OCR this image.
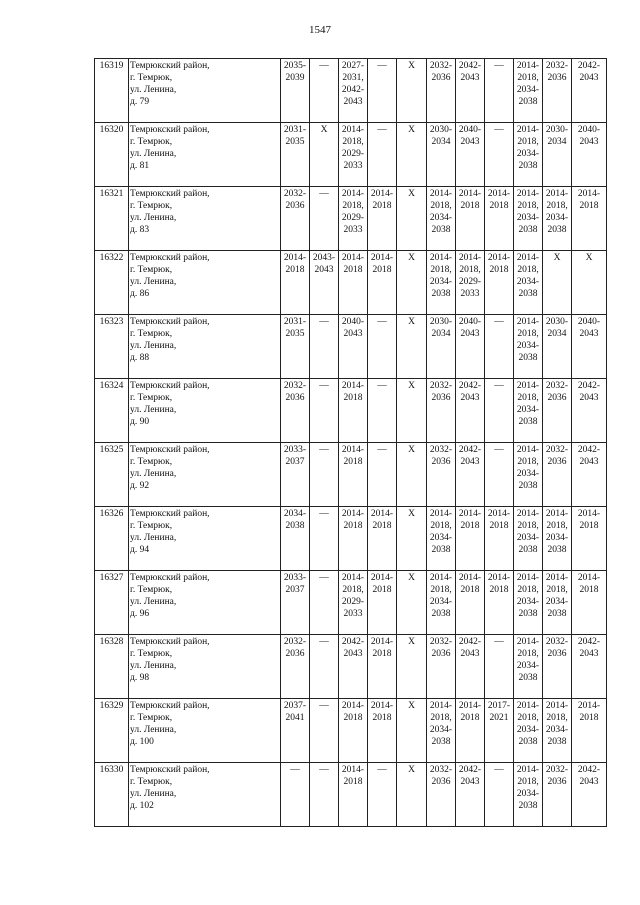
1547
16319	Темрюкский район,
г. Темрюк,
ул. Ленина,
д. 79	2035-
2039	—	2027-
2031,
2042-
2043	—	X	2032-
2036	2042-
2043	—	2014-
2018,
2034-
2038	2032-
2036	2042-
2043
16320	Темрюкский район,
г. Темрюк,
ул. Ленина,
д. 81	2031-
2035	X	2014-
2018,
2029-
2033	—	X	2030-
2034	2040-
2043	—	2014-
2018,
2034-
2038	2030-
2034	2040-
2043
16321	Темрюкский район,
г. Темрюк,
ул. Ленина,
д. 83	2032-
2036	—	2014-
2018,
2029-
2033	2014-
2018	X	2014-
2018,
2034-
2038	2014-
2018	2014-
2018	2014-
2018,
2034-
2038	2014-
2018,
2034-
2038	2014-
2018
16322	Темрюкский район,
г. Темрюк,
ул. Ленина,
д. 86	2014-
2018	2043-
2043	2014-
2018	2014-
2018	X	2014-
2018,
2034-
2038	2014-
2018,
2029-
2033	2014-
2018	2014-
2018,
2034-
2038	X	X
16323	Темрюкский район,
г. Темрюк,
ул. Ленина,
д. 88	2031-
2035	—	2040-
2043	—	X	2030-
2034	2040-
2043	—	2014-
2018,
2034-
2038	2030-
2034	2040-
2043
16324	Темрюкский район,
г. Темрюк,
ул. Ленина,
д. 90	2032-
2036	—	2014-
2018	—	X	2032-
2036	2042-
2043	—	2014-
2018,
2034-
2038	2032-
2036	2042-
2043
16325	Темрюкский район,
г. Темрюк,
ул. Ленина,
д. 92	2033-
2037	—	2014-
2018	—	X	2032-
2036	2042-
2043	—	2014-
2018,
2034-
2038	2032-
2036	2042-
2043
16326	Темрюкский район,
г. Темрюк,
ул. Ленина,
д. 94	2034-
2038	—	2014-
2018	2014-
2018	X	2014-
2018,
2034-
2038	2014-
2018	2014-
2018	2014-
2018,
2034-
2038	2014-
2018,
2034-
2038	2014-
2018
16327	Темрюкский район,
г. Темрюк,
ул. Ленина,
д. 96	2033-
2037	—	2014-
2018,
2029-
2033	2014-
2018	X	2014-
2018,
2034-
2038	2014-
2018	2014-
2018	2014-
2018,
2034-
2038	2014-
2018,
2034-
2038	2014-
2018
16328	Темрюкский район,
г. Темрюк,
ул. Ленина,
д. 98	2032-
2036	—	2042-
2043	2014-
2018	X	2032-
2036	2042-
2043	—	2014-
2018,
2034-
2038	2032-
2036	2042-
2043
16329	Темрюкский район,
г. Темрюк,
ул. Ленина,
д. 100	2037-
2041	—	2014-
2018	2014-
2018	X	2014-
2018,
2034-
2038	2014-
2018	2017-
2021	2014-
2018,
2034-
2038	2014-
2018,
2034-
2038	2014-
2018
16330	Темрюкский район,
г. Темрюк,
ул. Ленина,
д. 102	—	—	2014-
2018	—	X	2032-
2036	2042-
2043	—	2014-
2018,
2034-
2038	2032-
2036	2042-
2043
